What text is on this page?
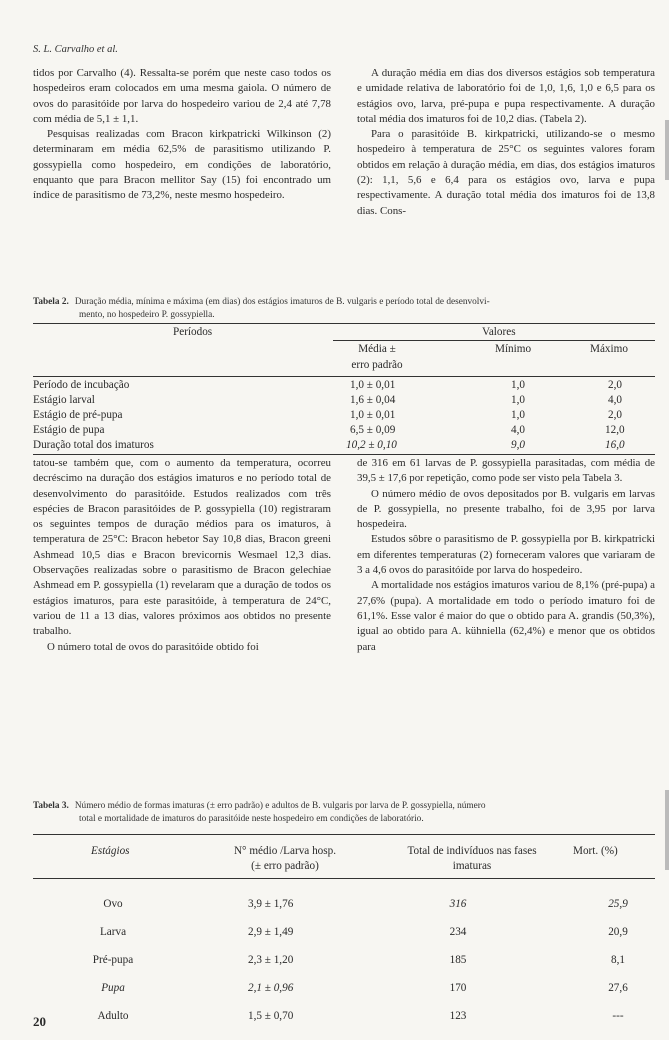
S. L. Carvalho et al.

tidos por Carvalho (4). Ressalta-se porém que neste caso todos os hospedeiros eram colocados em uma mesma gaiola. O número de ovos do parasitóide por larva do hospedeiro variou de 2,4 até 7,78 com média de 5,1 ± 1,1.

Pesquisas realizadas com Bracon kirkpatricki Wilkinson (2) determinaram em média 62,5% de parasitismo utilizando P. gossypiella como hospedeiro, em condições de laboratório, enquanto que para Bracon mellitor Say (15) foi encontrado um índice de parasitismo de 73,2%, neste mesmo hospedeiro.

A duração média em dias dos diversos estágios sob temperatura e umidade relativa de laboratório foi de 1,0, 1,6, 1,0 e 6,5 para os estágios ovo, larva, pré-pupa e pupa respectivamente. A duração total média dos imaturos foi de 10,2 dias. (Tabela 2).

Para o parasitóide B. kirkpatricki, utilizando-se o mesmo hospedeiro à temperatura de 25°C os seguintes valores foram obtidos em relação à duração média, em dias, dos estágios imaturos (2): 1,1, 5,6 e 6,4 para os estágios ovo, larva e pupa respectivamente. A duração total média dos imaturos foi de 13,8 dias. Cons-

Tabela 2. Duração média, mínima e máxima (em dias) dos estágios imaturos de B. vulgaris e período total de desenvolvi-
mento, no hospedeiro P. gossypiella.
Períodos	Valores
Média ±
erro padrão
Mínimo	Máximo
Período de incubação	1,0 ± 0,01	1,0	2,0
Estágio larval	1,6 ± 0,04	1,0	4,0
Estágio de pré-pupa	1,0 ± 0,01	1,0	2,0
Estágio de pupa	6,5 ± 0,09	4,0	12,0
Duração total dos imaturos	10,2 ± 0,10	9,0	16,0

tatou-se também que, com o aumento da temperatura, ocorreu decréscimo na duração dos estágios imaturos e no período total de desenvolvimento do parasitóide. Estudos realizados com três espécies de Bracon parasitóides de P. gossypiella (10) registraram os seguintes tempos de duração médios para os imaturos, à temperatura de 25°C: Bracon hebetor Say 10,8 dias, Bracon greeni Ashmead 10,5 dias e Bracon brevicornis Wesmael 12,3 dias. Observações realizadas sobre o parasitismo de Bracon gelechiae Ashmead em P. gossypiella (1) revelaram que a duração de todos os estágios imaturos, para este parasitóide, à temperatura de 24°C, variou de 11 a 13 dias, valores próximos aos obtidos no presente trabalho.

O número total de ovos do parasitóide obtido foi

de 316 em 61 larvas de P. gossypiella parasitadas, com média de 39,5 ± 17,6 por repetição, como pode ser visto pela Tabela 3.

O número médio de ovos depositados por B. vulgaris em larvas de P. gossypiella, no presente trabalho, foi de 3,95 por larva hospedeira.

Estudos sôbre o parasitismo de P. gossypiella por B. kirkpatricki em diferentes temperaturas (2) forneceram valores que variaram de 3 a 4,6 ovos do parasitóide por larva do hospedeiro.

A mortalidade nos estágios imaturos variou de 8,1% (pré-pupa) a 27,6% (pupa). A mortalidade em todo o período imaturo foi de 61,1%. Esse valor é maior do que o obtido para A. grandis (50,3%), igual ao obtido para A. kühniella (62,4%) e menor que os obtidos para

Tabela 3. Número médio de formas imaturas (± erro padrão) e adultos de B. vulgaris por larva de P. gossypiella, número
total e mortalidade de imaturos do parasitóide neste hospedeiro em condições de laboratório.
Estágios	N° médio /Larva hosp.
(± erro padrão)
Total de indivíduos nas fases
imaturas
Mort. (%)
Ovo	3,9 ± 1,76	316	25,9
Larva	2,9 ± 1,49	234	20,9
Pré-pupa	2,3 ± 1,20	185	8,1
Pupa	2,1 ± 0,96	170	27,6
Adulto	1,5 ± 0,70	123	---
20
